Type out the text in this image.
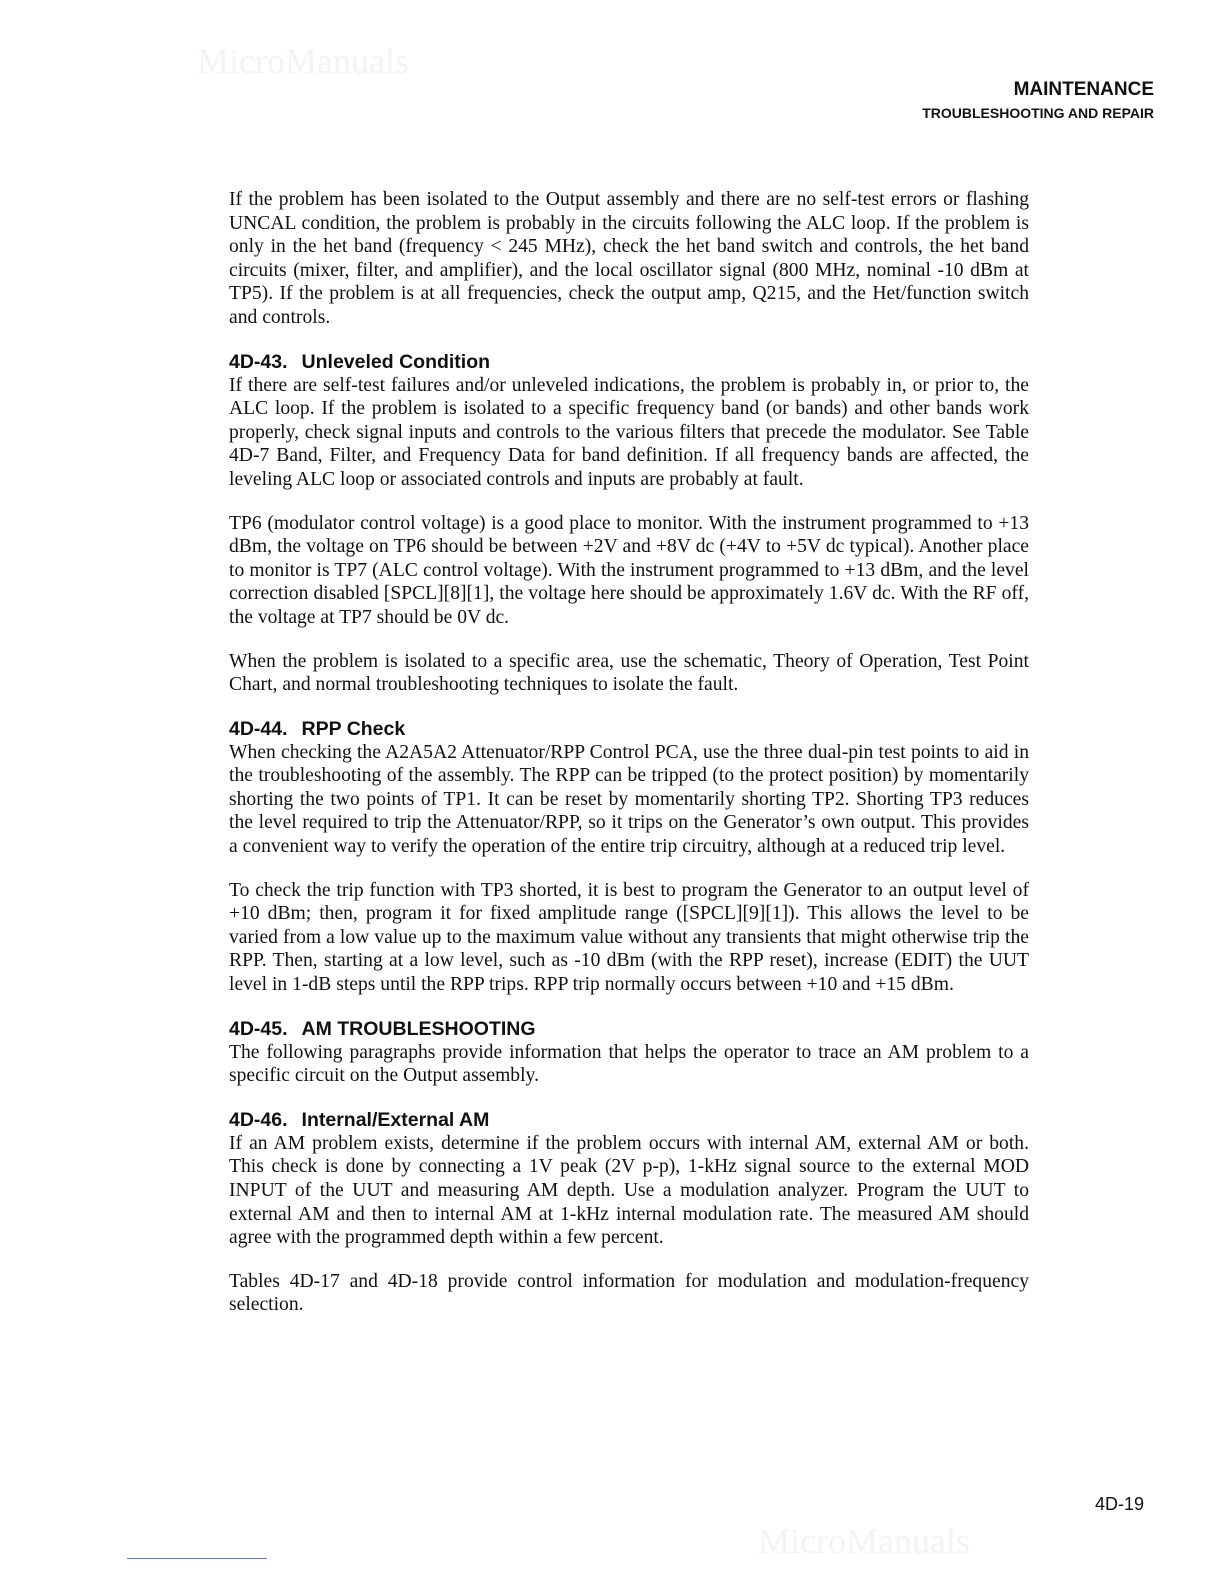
MicroManuals
MAINTENANCE
TROUBLESHOOTING AND REPAIR

If the problem has been isolated to the Output assembly and there are no self-test errors or flashing UNCAL condition, the problem is probably in the circuits following the ALC loop. If the problem is only in the het band (frequency < 245 MHz), check the het band switch and controls, the het band circuits (mixer, filter, and amplifier), and the local oscillator signal (800 MHz, nominal -10 dBm at TP5). If the problem is at all frequencies, check the output amp, Q215, and the Het/function switch and controls.

4D-43. Unleveled Condition

If there are self-test failures and/or unleveled indications, the problem is probably in, or prior to, the ALC loop. If the problem is isolated to a specific frequency band (or bands) and other bands work properly, check signal inputs and controls to the various filters that precede the modulator. See Table 4D-7 Band, Filter, and Frequency Data for band definition. If all frequency bands are affected, the leveling ALC loop or associated controls and inputs are probably at fault.

TP6 (modulator control voltage) is a good place to monitor. With the instrument programmed to +13 dBm, the voltage on TP6 should be between +2V and +8V dc (+4V to +5V dc typical). Another place to monitor is TP7 (ALC control voltage). With the instrument programmed to +13 dBm, and the level correction disabled [SPCL][8][1], the voltage here should be approximately 1.6V dc. With the RF off, the voltage at TP7 should be 0V dc.

When the problem is isolated to a specific area, use the schematic, Theory of Operation, Test Point Chart, and normal troubleshooting techniques to isolate the fault.

4D-44. RPP Check

When checking the A2A5A2 Attenuator/RPP Control PCA, use the three dual-pin test points to aid in the troubleshooting of the assembly. The RPP can be tripped (to the protect position) by momentarily shorting the two points of TP1. It can be reset by momentarily shorting TP2. Shorting TP3 reduces the level required to trip the Attenuator/RPP, so it trips on the Generator’s own output. This provides a convenient way to verify the operation of the entire trip circuitry, although at a reduced trip level.

To check the trip function with TP3 shorted, it is best to program the Generator to an output level of +10 dBm; then, program it for fixed amplitude range ([SPCL][9][1]). This allows the level to be varied from a low value up to the maximum value without any transients that might otherwise trip the RPP. Then, starting at a low level, such as -10 dBm (with the RPP reset), increase (EDIT) the UUT level in 1-dB steps until the RPP trips. RPP trip normally occurs between +10 and +15 dBm.

4D-45. AM TROUBLESHOOTING

The following paragraphs provide information that helps the operator to trace an AM problem to a specific circuit on the Output assembly.

4D-46. Internal/External AM

If an AM problem exists, determine if the problem occurs with internal AM, external AM or both. This check is done by connecting a 1V peak (2V p-p), 1-kHz signal source to the external MOD INPUT of the UUT and measuring AM depth. Use a modulation analyzer. Program the UUT to external AM and then to internal AM at 1-kHz internal modulation rate. The measured AM should agree with the programmed depth within a few percent.

Tables 4D-17 and 4D-18 provide control information for modulation and modulation-frequency selection.

4D-19
MicroManuals
